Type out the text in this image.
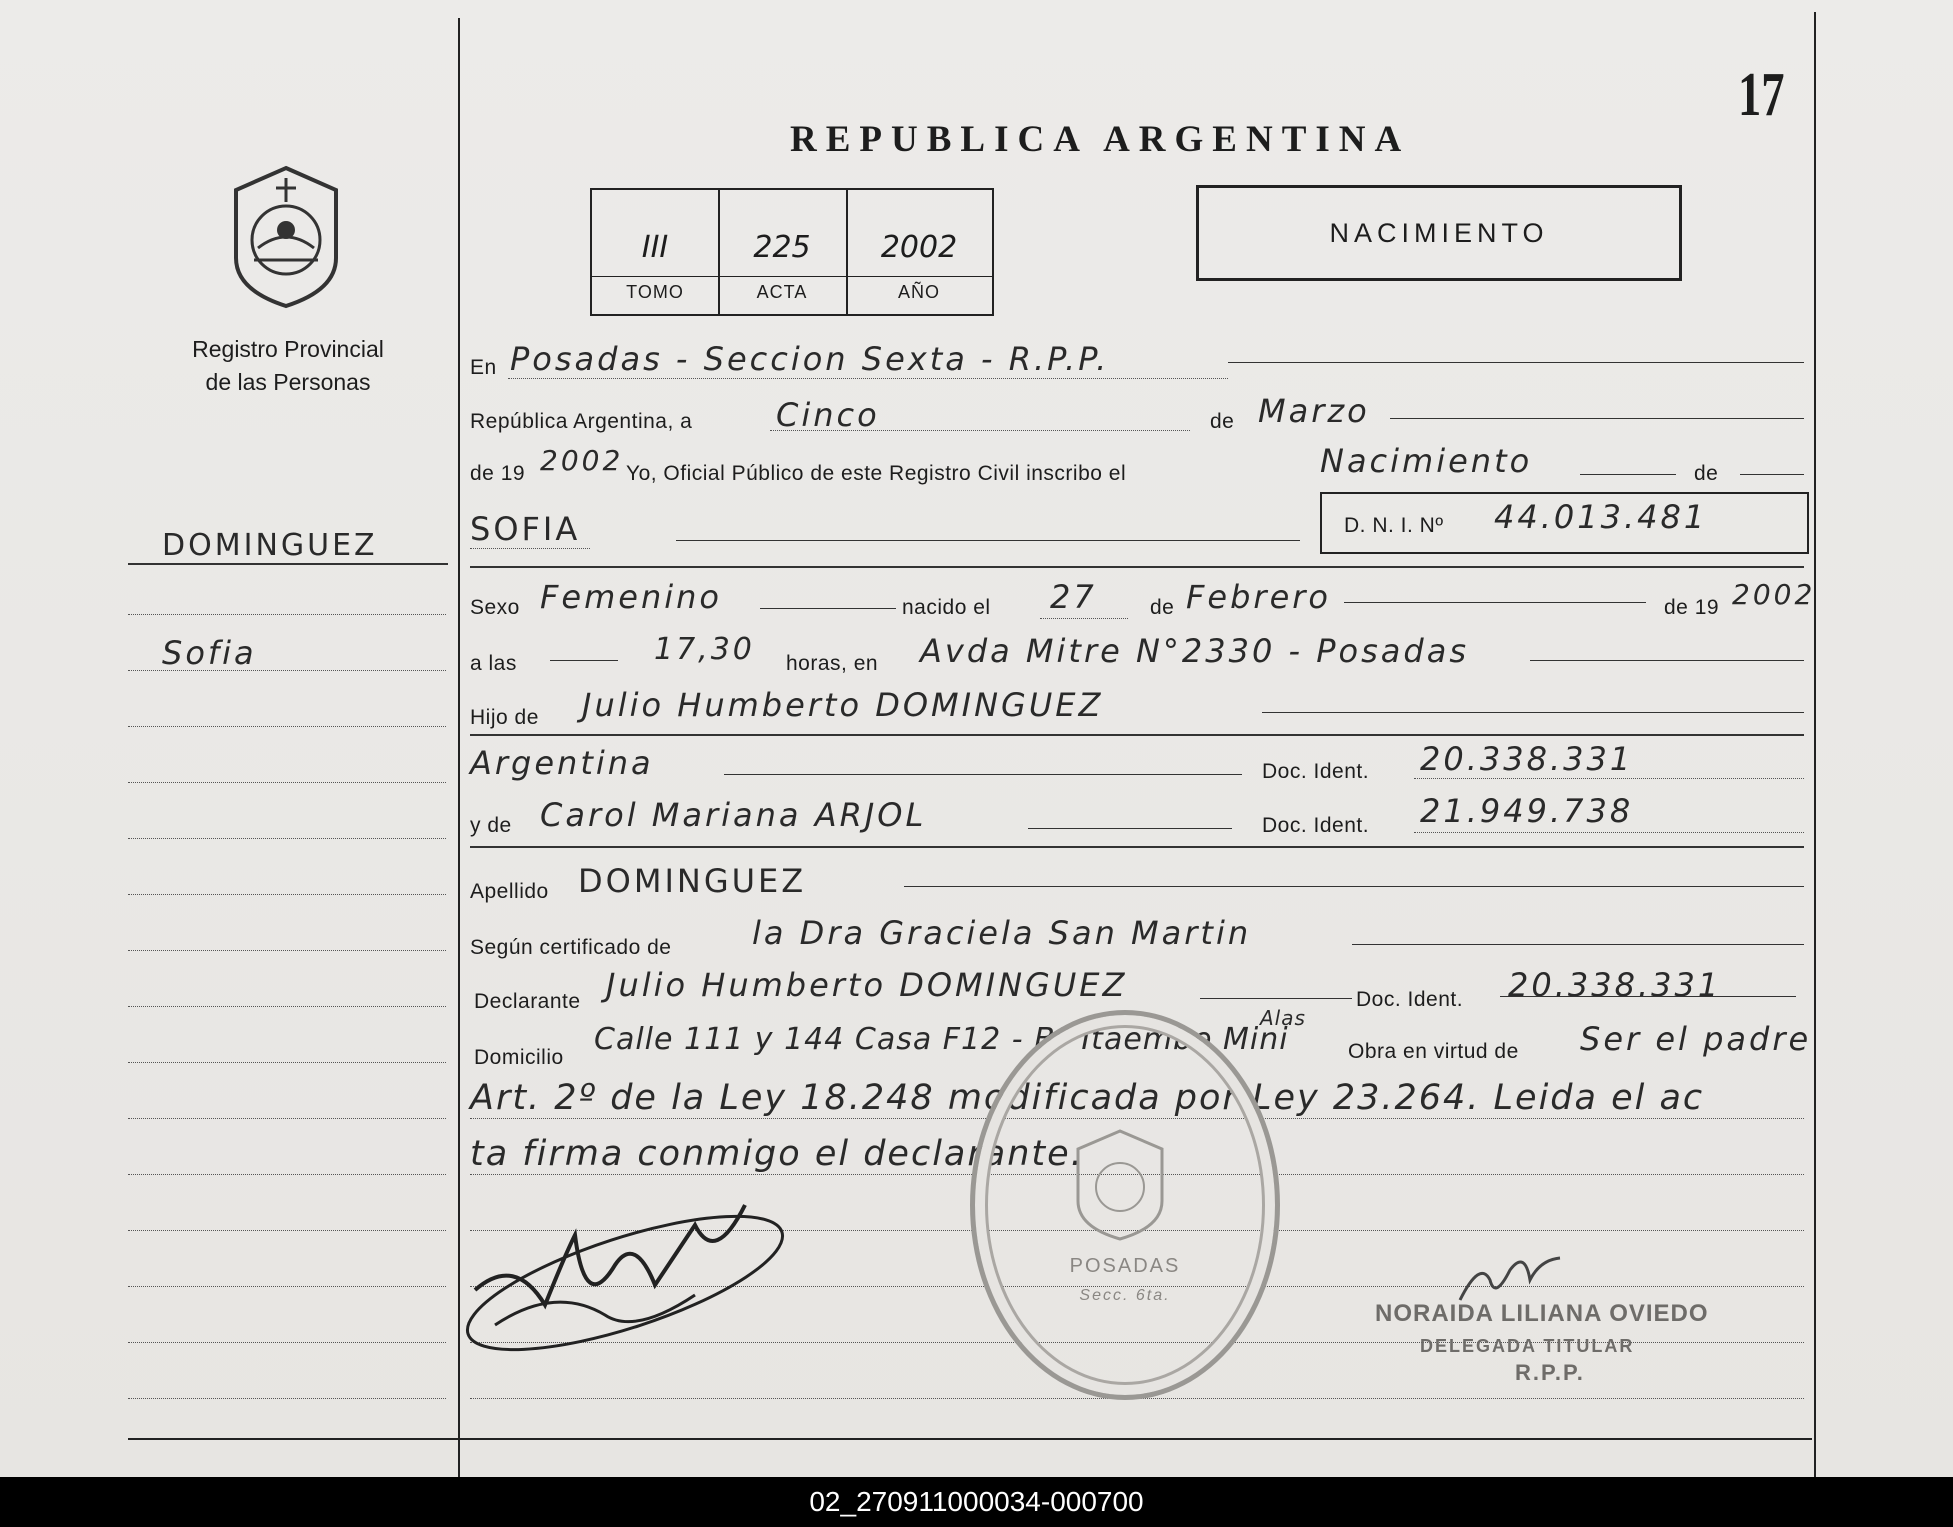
REPUBLICA ARGENTINA
17
Registro Provincial
de las Personas
III
TOMO
225
ACTA
2002
AÑO
NACIMIENTO
DOMINGUEZ
Sofia
En Posadas - Seccion Sexta - R.P.P.
República Argentina, a	Cinco	de Marzo
de 19 2002 Yo, Oficial Público de este Registro Civil inscribo el	Nacimiento	de
SOFIA	D. N. I. Nº 44.013.481
Sexo Femenino	nacido el 27	de Febrero	de 19 2002
a las	17,30 horas, en Avda Mitre N°2330 - Posadas
Hijo de Julio Humberto DOMINGUEZ
Argentina	Doc. Ident. 20.338.331
y de Carol Mariana ARJOL	Doc. Ident. 21.949.738
Apellido DOMINGUEZ
Según certificado de	la Dra Graciela San Martin
Declarante Julio Humberto DOMINGUEZ	Doc. Ident. 20.338.331
Domicilio
Calle 111 y 144 Casa F12 - Bº Itaembe Mini
Alas
Obra en virtud de Ser el padre
Art. 2º de la Ley 18.248 modificada por Ley 23.264. Leida el ac
ta firma conmigo el declarante.
POSADAS
Secc. 6ta.
NORAIDA LILIANA OVIEDO
DELEGADA TITULAR
R.P.P.
02_270911000034-000700
